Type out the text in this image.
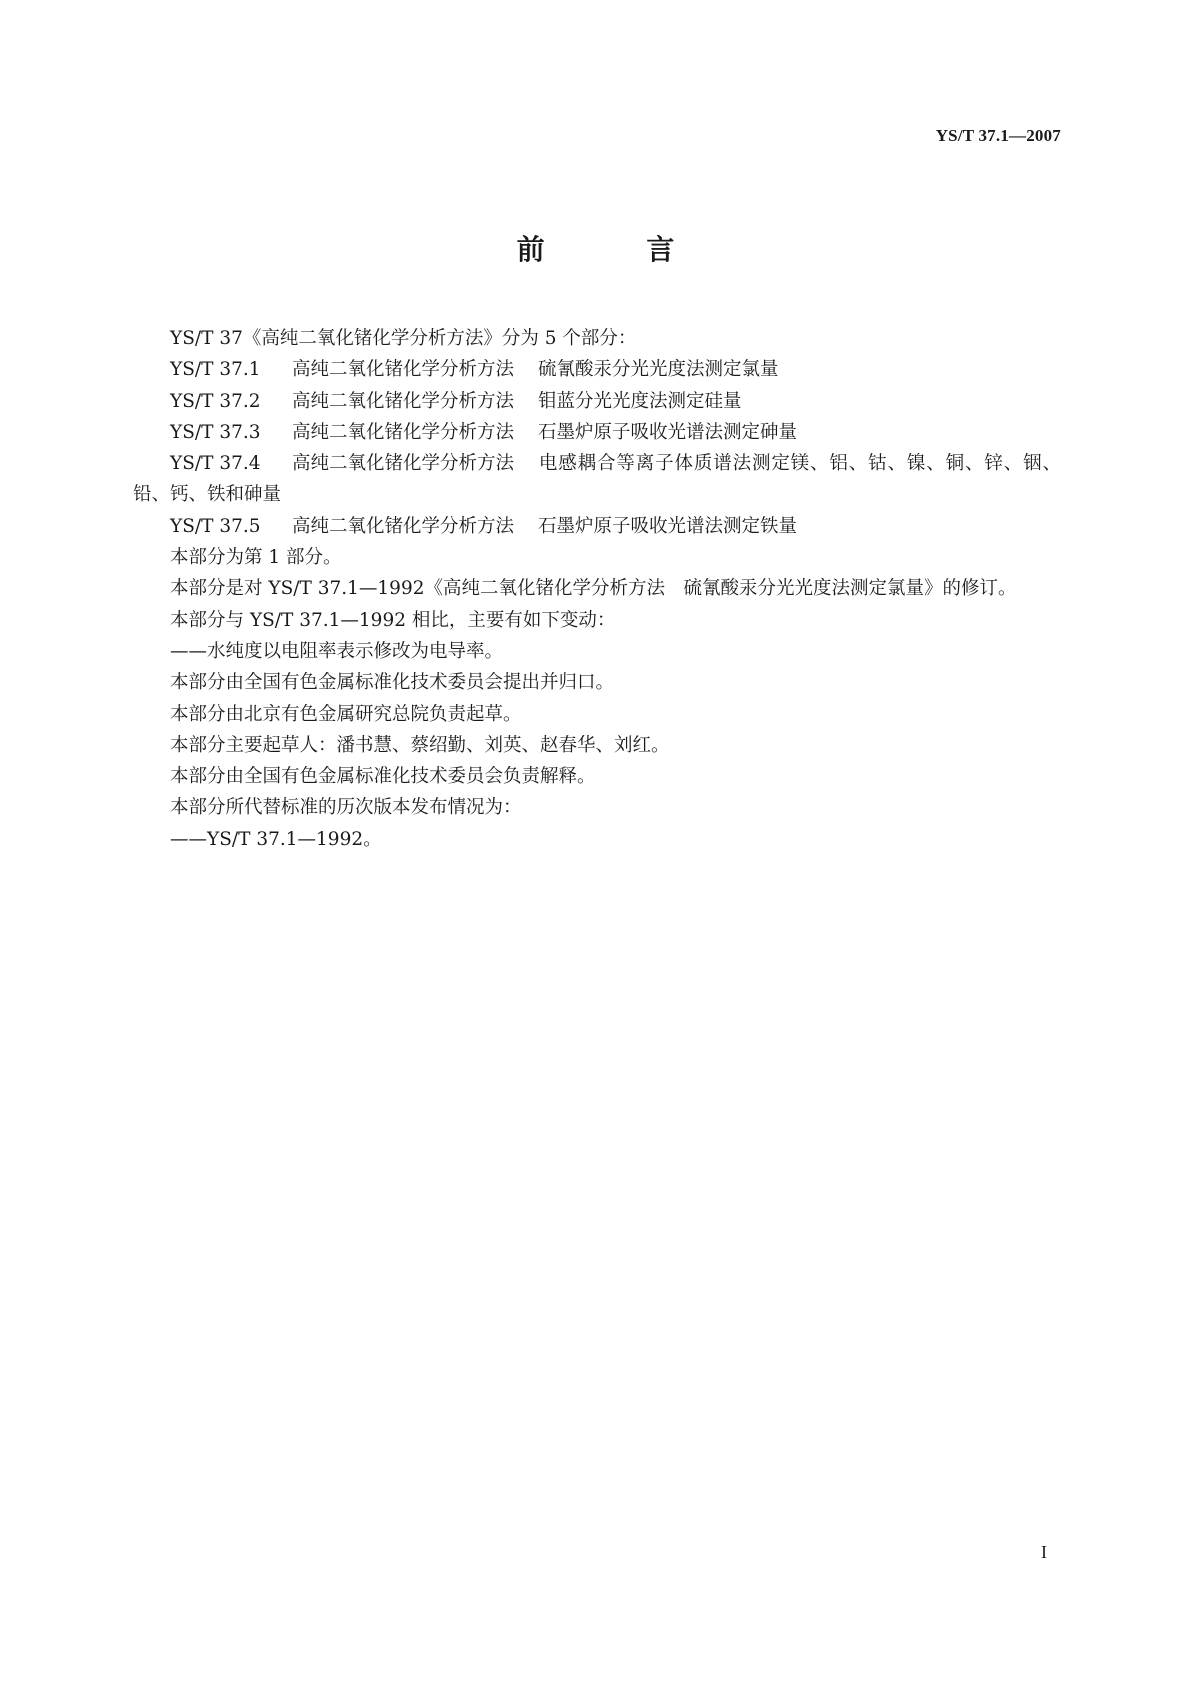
YS/T 37.1—2007
前 言

YS/T 37《高纯二氧化锗化学分析方法》分为 5 个部分：

YS/T 37.1 高纯二氧化锗化学分析方法 硫氰酸汞分光光度法测定氯量

YS/T 37.2 高纯二氧化锗化学分析方法 钼蓝分光光度法测定硅量

YS/T 37.3 高纯二氧化锗化学分析方法 石墨炉原子吸收光谱法测定砷量

YS/T 37.4 高纯二氧化锗化学分析方法 电感耦合等离子体质谱法测定镁、铝、钴、镍、铜、锌、铟、铅、钙、铁和砷量

YS/T 37.5 高纯二氧化锗化学分析方法 石墨炉原子吸收光谱法测定铁量

本部分为第 1 部分。

本部分是对 YS/T 37.1—1992《高纯二氧化锗化学分析方法　硫氰酸汞分光光度法测定氯量》的修订。

本部分与 YS/T 37.1—1992 相比，主要有如下变动：

——水纯度以电阻率表示修改为电导率。

本部分由全国有色金属标准化技术委员会提出并归口。

本部分由北京有色金属研究总院负责起草。

本部分主要起草人：潘书慧、蔡绍勤、刘英、赵春华、刘红。

本部分由全国有色金属标准化技术委员会负责解释。

本部分所代替标准的历次版本发布情况为：

——YS/T 37.1—1992。

I
